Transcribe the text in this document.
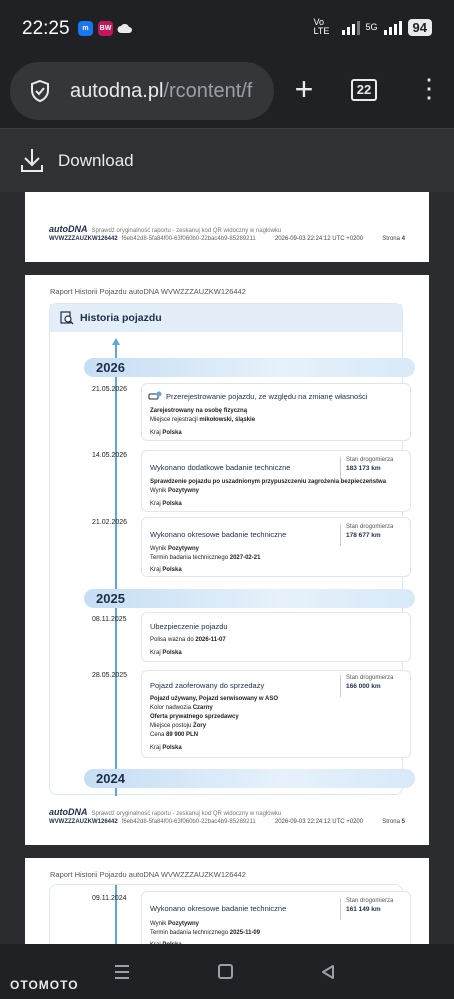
22:25	m	BW
Vo LTE	5G	94
autodna.pl/rcontent/f	+	22 ⋮
Download
autoDNA Sprawdź oryginalność raportu - zeskanuj kod QR widoczny w nagłówku
WVWZZZAUZKW126442 f6eb42d8-5fa84f00-63f060b0-22bac4b9-85289211	2026-09-03 22:24:12 UTC +0200	Strona 4
Raport Historii Pojazdu autoDNA WVWZZZAUZKW126442
Historia pojazdu
2026
21.05.2026
Przerejestrowanie pojazdu, ze względu na zmianę własności
Zarejestrowany na osobę fizyczną
Miejsce rejestracji mikołowski, śląskie
Kraj Polska
14.05.2026
Wykonano dodatkowe badanie techniczne
Stan drogomierza
183 173 km
Sprawdzenie pojazdu po uszadnionym przypuszczeniu zagrożenia bezpieczeństwa
Wynik Pozytywny
Kraj Polska
21.02.2026
Wykonano okresowe badanie techniczne
Stan drogomierza
178 677 km
Wynik Pozytywny
Termin badania technicznego 2027-02-21
Kraj Polska
2025
08.11.2025
Ubezpieczenie pojazdu
Polisa ważna do 2026-11-07
Kraj Polska
28.05.2025
Pojazd zaoferowany do sprzedaży
Stan drogomierza
166 000 km
Pojazd używany, Pojazd serwisowany w ASO
Kolor nadwozia Czarny
Oferta prywatnego sprzedawcy
Miejsce postoju Żory
Cena 89 900 PLN
Kraj Polska
2024
autoDNA Sprawdź oryginalność raportu - zeskanuj kod QR widoczny w nagłówku
WVWZZZAUZKW126442 f6eb42d8-5fa84f00-63f060b0-22bac4b9-85289211	2026-09-03 22:24:12 UTC +0200	Strona 5
Raport Historii Pojazdu autoDNA WVWZZZAUZKW126442
09.11.2024
Wykonano okresowe badanie techniczne
Stan drogomierza
161 149 km
Wynik Pozytywny
Termin badania technicznego 2025-11-09
OTOMOTO
